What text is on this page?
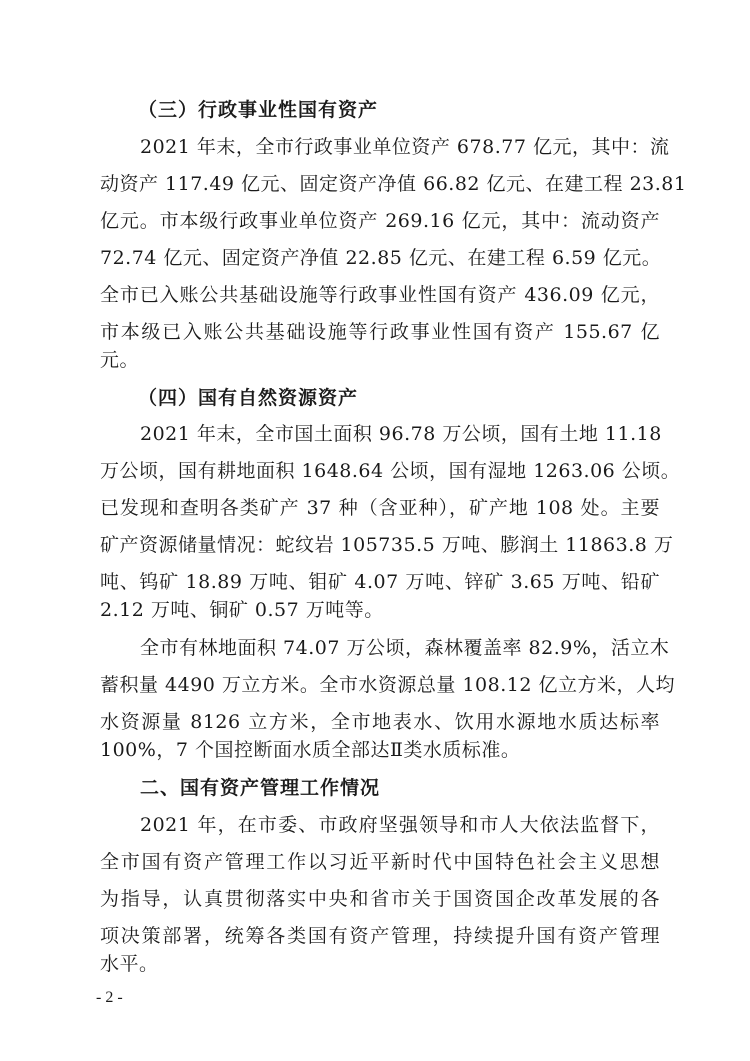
（三）行政事业性国有资产
2021 年末，全市行政事业单位资产 678.77 亿元，其中：流
动资产 117.49 亿元、固定资产净值 66.82 亿元、在建工程 23.81
亿元。市本级行政事业单位资产 269.16 亿元，其中：流动资产
72.74 亿元、固定资产净值 22.85 亿元、在建工程 6.59 亿元。
全市已入账公共基础设施等行政事业性国有资产 436.09 亿元，
市本级已入账公共基础设施等行政事业性国有资产 155.67 亿
元。
（四）国有自然资源资产
2021 年末，全市国土面积 96.78 万公顷，国有土地 11.18
万公顷，国有耕地面积 1648.64 公顷，国有湿地 1263.06 公顷。
已发现和查明各类矿产 37 种（含亚种），矿产地 108 处。主要
矿产资源储量情况：蛇纹岩 105735.5 万吨、膨润土 11863.8 万
吨、钨矿 18.89 万吨、钼矿 4.07 万吨、锌矿 3.65 万吨、铅矿
2.12 万吨、铜矿 0.57 万吨等。
全市有林地面积 74.07 万公顷，森林覆盖率 82.9%，活立木
蓄积量 4490 万立方米。全市水资源总量 108.12 亿立方米，人均
水资源量 8126 立方米，全市地表水、饮用水源地水质达标率
100%，7 个国控断面水质全部达Ⅱ类水质标准。
二、国有资产管理工作情况
2021 年，在市委、市政府坚强领导和市人大依法监督下，
全市国有资产管理工作以习近平新时代中国特色社会主义思想
为指导，认真贯彻落实中央和省市关于国资国企改革发展的各
项决策部署，统筹各类国有资产管理，持续提升国有资产管理
水平。
- 2 -
